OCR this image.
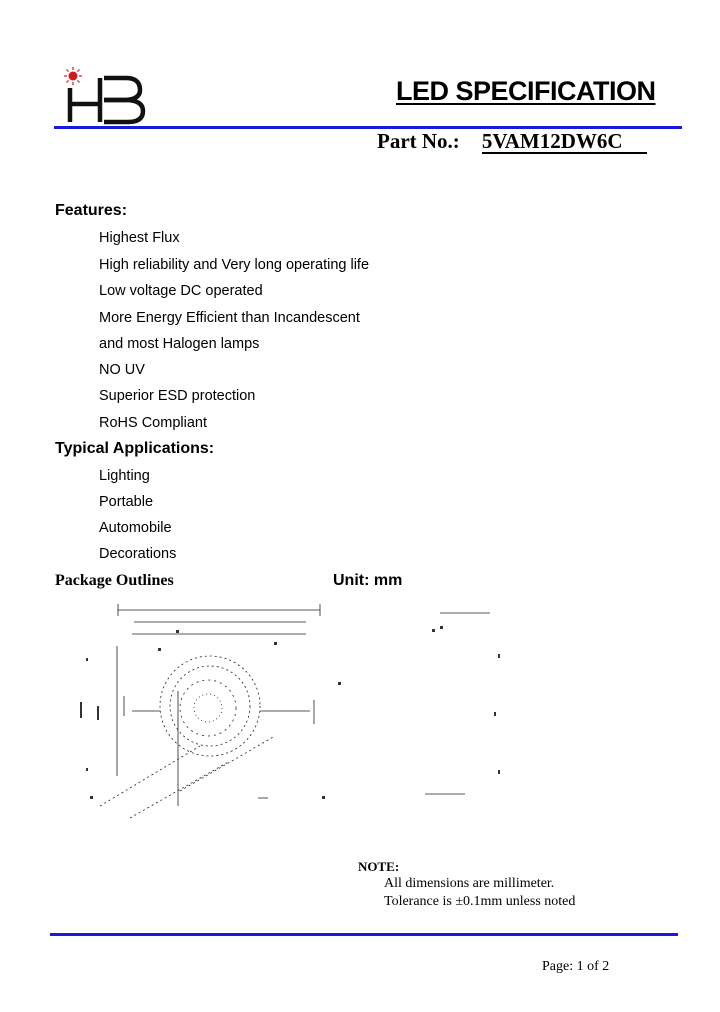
LED SPECIFICATION
Part No.: 5VAM12DW6C
Features:
Highest Flux
High reliability and Very long operating life
Low voltage DC operated
More Energy Efficient than Incandescent
and most Halogen lamps
NO UV
Superior ESD protection
RoHS Compliant
Typical Applications:
Lighting
Portable
Automobile
Decorations
Package Outlines	Unit: mm
NOTE:
All dimensions are millimeter.
Tolerance is ±0.1mm unless noted
Page: 1 of 2
